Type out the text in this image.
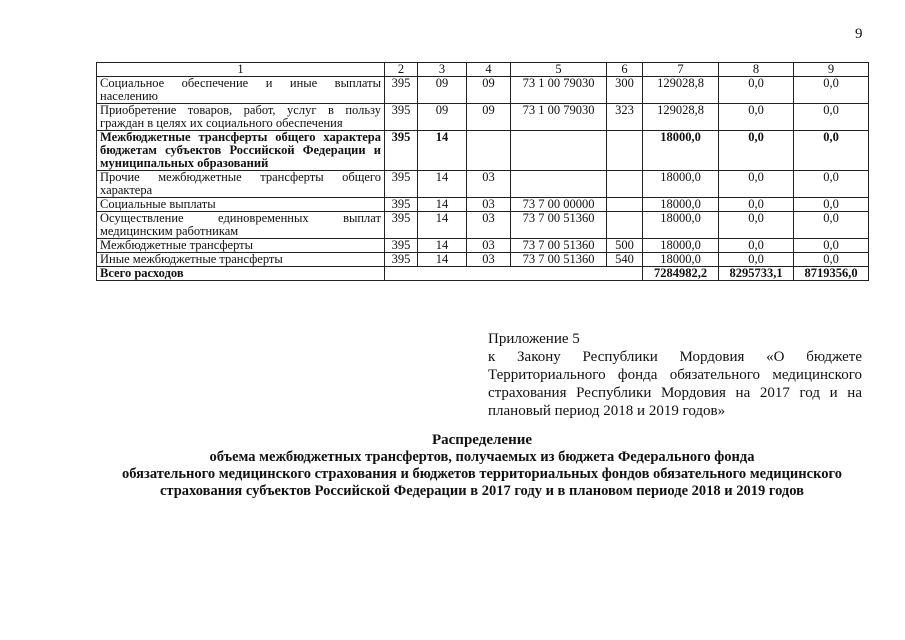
9
1	2	3	4	5	6	7	8	9
Социальное обеспечение и иные выплаты населению	395	09	09	73 1 00 79030	300	129028,8	0,0	0,0
Приобретение товаров, работ, услуг в пользу граждан в целях их социального обеспечения	395	09	09	73 1 00 79030	323	129028,8	0,0	0,0
Межбюджетные трансферты общего характера бюджетам субъектов Российской Федерации и муниципальных образований	395	14				18000,0	0,0	0,0
Прочие межбюджетные трансферты общего характера	395	14	03			18000,0	0,0	0,0
Социальные выплаты	395	14	03	73 7 00 00000		18000,0	0,0	0,0
Осуществление единовременных выплат медицинским работникам	395	14	03	73 7 00 51360		18000,0	0,0	0,0
Межбюджетные трансферты	395	14	03	73 7 00 51360	500	18000,0	0,0	0,0
Иные межбюджетные трансферты	395	14	03	73 7 00 51360	540	18000,0	0,0	0,0
Всего расходов						7284982,2	8295733,1	8719356,0
Приложение 5
к Закону Республики Мордовия «О бюджете
Территориального фонда обязательного медицинского
страхования Республики Мордовия на 2017 год и на
плановый период 2018 и 2019 годов»
Распределение
объема межбюджетных трансфертов, получаемых из бюджета Федерального фонда
обязательного медицинского страхования и бюджетов территориальных фондов обязательного медицинского
страхования субъектов Российской Федерации в 2017 году и в плановом периоде 2018 и 2019 годов
